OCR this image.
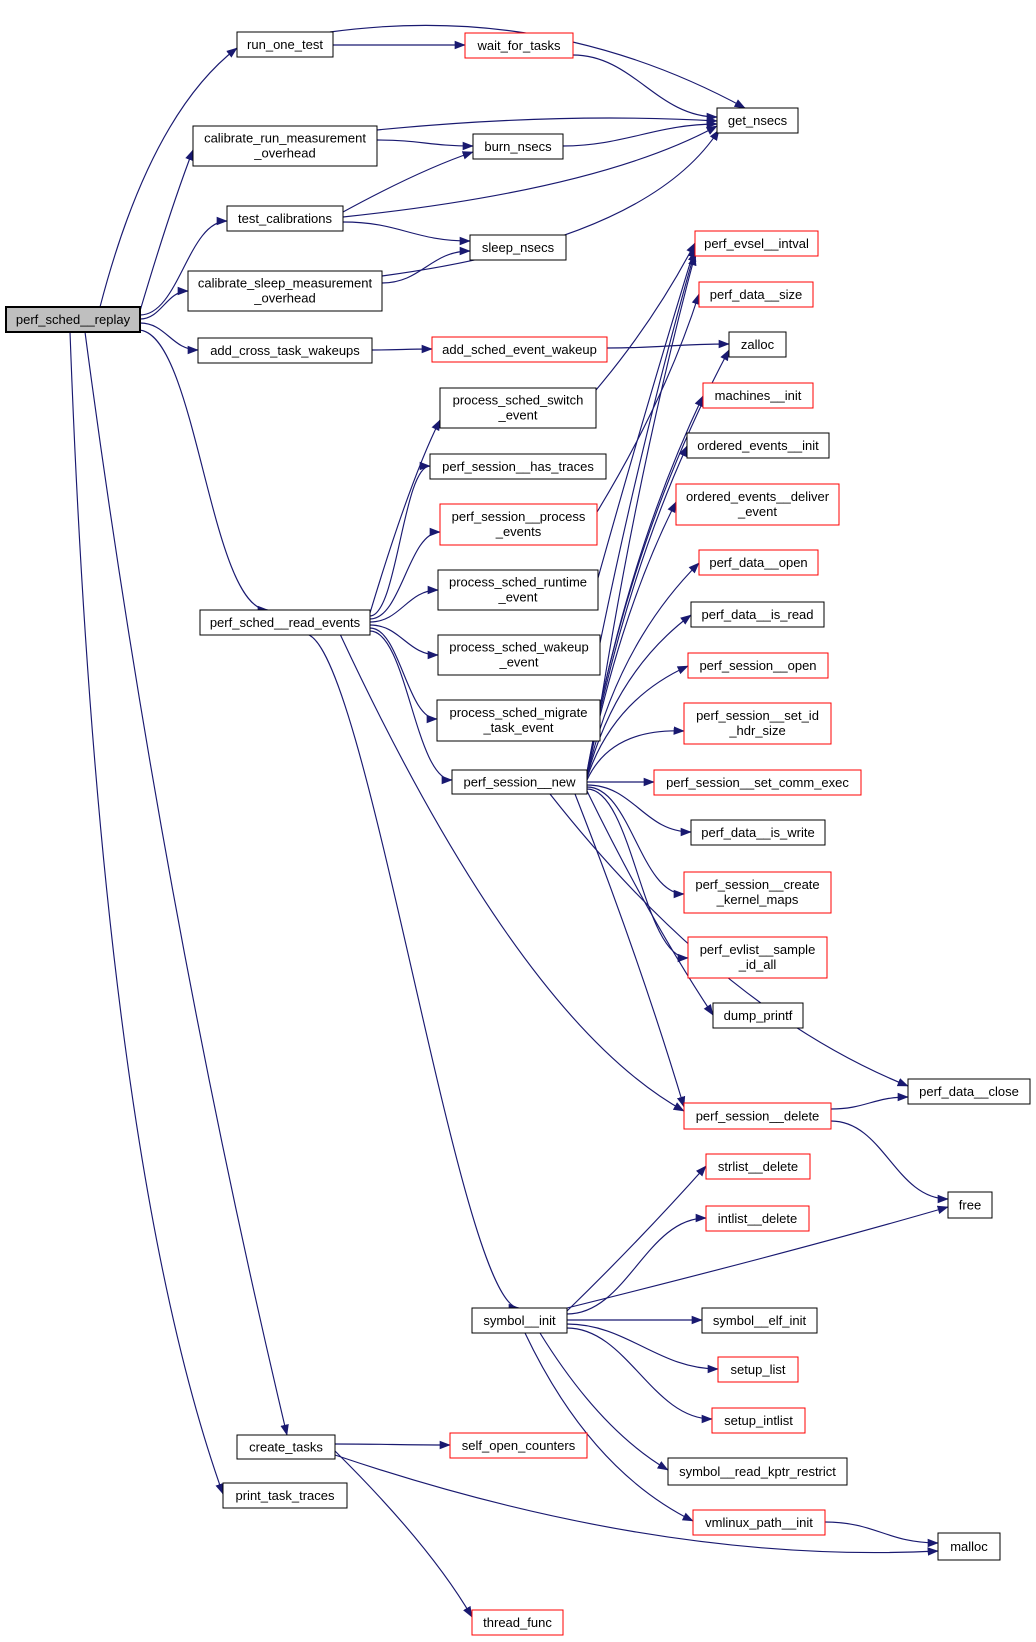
perf_sched__replay
run_one_test
calibrate_run_measurement _overhead
test_calibrations
calibrate_sleep_measurement _overhead
add_cross_task_wakeups
wait_for_tasks
burn_nsecs
sleep_nsecs
get_nsecs
add_sched_event_wakeup
process_sched_switch _event
perf_session__has_traces
perf_session__process _events
process_sched_runtime _event
process_sched_wakeup _event
process_sched_migrate _task_event
perf_sched__read_events
perf_session__new
perf_evsel__intval
perf_data__size
zalloc
machines__init
ordered_events__init
ordered_events__deliver _event
perf_data__open
perf_data__is_read
perf_session__open
perf_session__set_id _hdr_size
perf_session__set_comm_exec
perf_data__is_write
perf_session__create _kernel_maps
perf_evlist__sample _id_all
dump_printf
perf_data__close
perf_session__delete
strlist__delete
free
intlist__delete
symbol__init	symbol__elf_init
setup_list
setup_intlist
symbol__read_kptr_restrict
vmlinux_path__init
malloc
create_tasks	self_open_counters
print_task_traces
thread_func
